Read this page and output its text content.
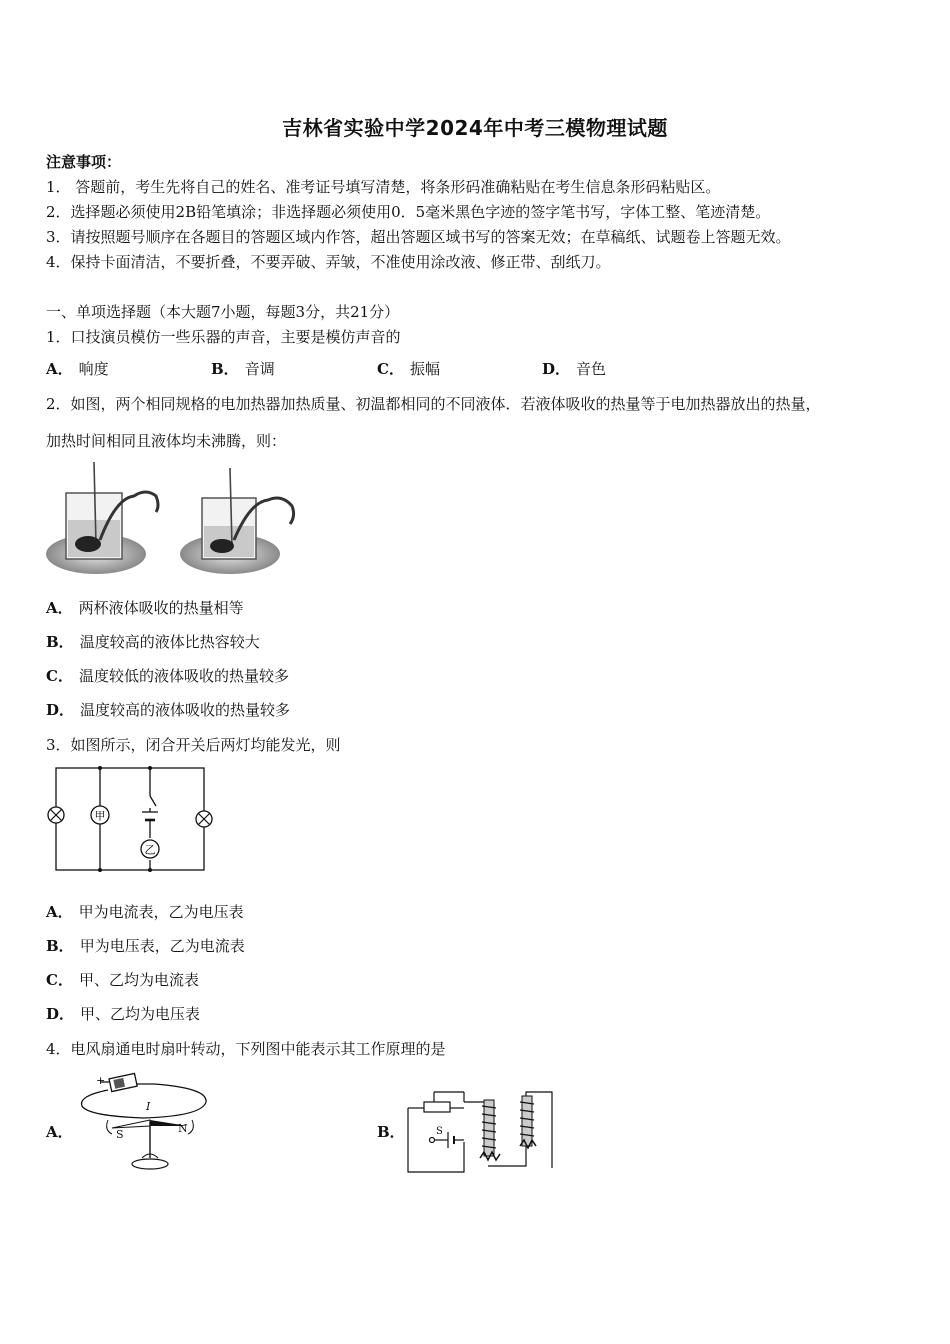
吉林省实验中学2024年中考三模物理试题
注意事项：
1． 答题前，考生先将自己的姓名、准考证号填写清楚，将条形码准确粘贴在考生信息条形码粘贴区。
2．选择题必须使用2B铅笔填涂；非选择题必须使用0．5毫米黑色字迹的签字笔书写，字体工整、笔迹清楚。
3．请按照题号顺序在各题目的答题区域内作答，超出答题区域书写的答案无效；在草稿纸、试题卷上答题无效。
4．保持卡面清洁，不要折叠，不要弄破、弄皱，不准使用涂改液、修正带、刮纸刀。
一、单项选择题（本大题7小题，每题3分，共21分）
1．口技演员模仿一些乐器的声音，主要是模仿声音的
A． 响度	B． 音调	C． 振幅	D． 音色
2．如图，两个相同规格的电加热器加热质量、初温都相同的不同液体．若液体吸收的热量等于电加热器放出的热量，
加热时间相同且液体均未沸腾，则：
A． 两杯液体吸收的热量相等
B． 温度较高的液体比热容较大
C． 温度较低的液体吸收的热量较多
D． 温度较高的液体吸收的热量较多
3．如图所示，闭合开关后两灯均能发光，则
甲
乙
A． 甲为电流表，乙为电压表
B． 甲为电压表，乙为电流表
C． 甲、乙均为电流表
D． 甲、乙均为电压表
4．电风扇通电时扇叶转动，下列图中能表示其工作原理的是
A．
+
I
S	N	B．	S
